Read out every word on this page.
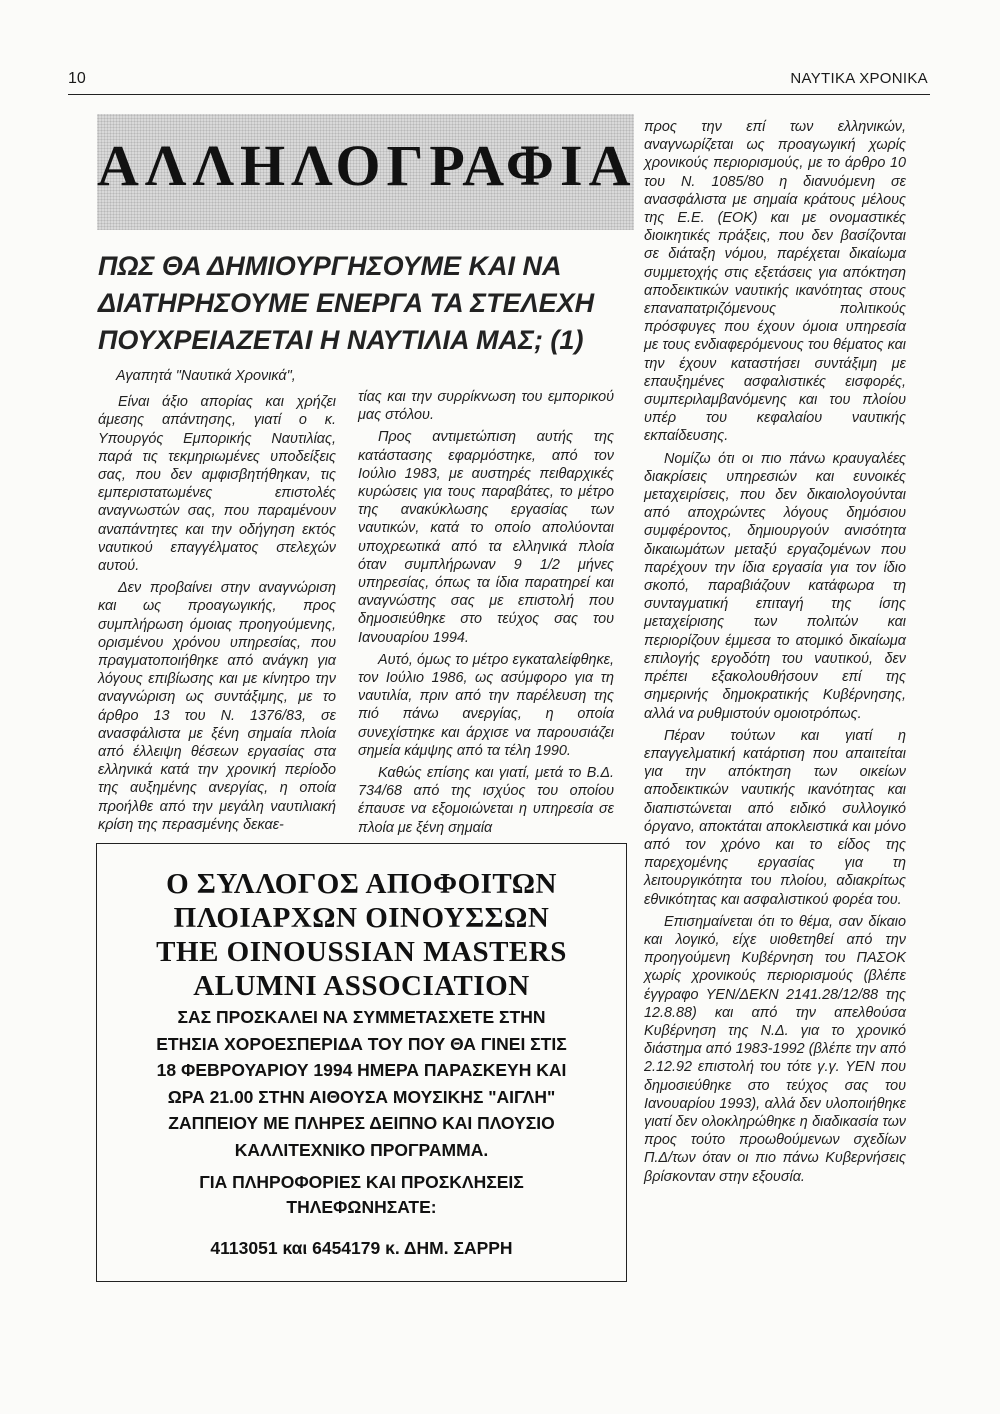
10	ΝΑΥΤΙΚΑ ΧΡΟΝΙΚΑ
ΑΛΛΗΛΟΓΡΑΦΙΑ
ΠΩΣ ΘΑ ΔΗΜΙΟΥΡΓΗΣΟΥΜΕ ΚΑΙ ΝΑ
ΔΙΑΤΗΡΗΣΟΥΜΕ ΕΝΕΡΓΑ ΤΑ ΣΤΕΛΕΧΗ
ΠΟΥΧΡΕΙΑΖΕΤΑΙ Η ΝΑΥΤΙΛΙΑ ΜΑΣ; (1)

Αγαπητά "Ναυτικά Χρονικά",

Είναι άξιο απορίας και χρήζει άμεσης απάντησης, γιατί ο κ. Υπουργός Εμπορικής Ναυτιλίας, παρά τις τεκμηριωμένες υποδείξεις σας, που δεν αμφισβητήθηκαν, τις εμπεριστατωμένες επιστολές αναγνωστών σας, που παραμένουν αναπάντητες και την οδήγηση εκτός ναυτικού επαγγέλματος στελεχών αυτού.

Δεν προβαίνει στην αναγνώριση και ως προαγωγικής, προς συμπλήρωση όμοιας προηγούμενης, ορισμένου χρόνου υπηρεσίας, που πραγματοποιήθηκε από ανάγκη για λόγους επιβίωσης και με κίνητρο την αναγνώριση ως συντάξιμης, με το άρθρο 13 του Ν. 1376/83, σε ανασφάλιστα με ξένη σημαία πλοία από έλλειψη θέσεων εργασίας στα ελληνικά κατά την χρονική περίοδο της αυξημένης ανεργίας, η οποία προήλθε από την μεγάλη ναυτιλιακή κρίση της περασμένης δεκαε-

τίας και την συρρίκνωση του εμπορικού μας στόλου.

Προς αντιμετώπιση αυτής της κατάστασης εφαρμόστηκε, από τον Ιούλιο 1983, με αυστηρές πειθαρχικές κυρώσεις για τους παραβάτες, το μέτρο της ανακύκλωσης εργασίας των ναυτικών, κατά το οποίο απολύονται υποχρεωτικά από τα ελληνικά πλοία όταν συμπλήρωναν 9 1/2 μήνες υπηρεσίας, όπως τα ίδια παρατηρεί και αναγνώστης σας με επιστολή που δημοσιεύθηκε στο τεύχος σας του Ιανουαρίου 1994.

Αυτό, όμως το μέτρο εγκαταλείφθηκε, τον Ιούλιο 1986, ως ασύμφορο για τη ναυτιλία, πριν από την παρέλευση της πιό πάνω ανεργίας, η οποία συνεχίστηκε και άρχισε να παρουσιάζει σημεία κάμψης από τα τέλη 1990.

Καθώς επίσης και γιατί, μετά το Β.Δ. 734/68 από της ισχύος του οποίου έπαυσε να εξομοιώνεται η υπηρεσία σε πλοία με ξένη σημαία

προς την επί των ελληνικών, αναγνωρίζεται ως προαγωγική χωρίς χρονικούς περιορισμούς, με το άρθρο 10 του Ν. 1085/80 η διανυόμενη σε ανασφάλιστα με σημαία κράτους μέλους της Ε.Ε. (ΕΟΚ) και με ονομαστικές διοικητικές πράξεις, που δεν βασίζονται σε διάταξη νόμου, παρέχεται δικαίωμα συμμετοχής στις εξετάσεις για απόκτηση αποδεικτικών ναυτικής ικανότητας στους επαναπατριζόμενους πολιτικούς πρόσφυγες που έχουν όμοια υπηρεσία με τους ενδιαφερόμενους του θέματος και την έχουν καταστήσει συντάξιμη με επαυξημένες ασφαλιστικές εισφορές, συμπεριλαμβανόμενης και του πλοίου υπέρ του κεφαλαίου ναυτικής εκπαίδευσης.

Νομίζω ότι οι πιο πάνω κραυγαλέες διακρίσεις υπηρεσιών και ευνοικές μεταχειρίσεις, που δεν δικαιολογούνται από αποχρώντες λόγους δημόσιου συμφέροντος, δημιουργούν ανισότητα δικαιωμάτων μεταξύ εργαζομένων που παρέχουν την ίδια εργασία για τον ίδιο σκοπό, παραβιάζουν κατάφωρα τη συνταγματική επιταγή της ίσης μεταχείρισης των πολιτών και περιορίζουν έμμεσα το ατομικό δικαίωμα επιλογής εργοδότη του ναυτικού, δεν πρέπει εξακολουθήσουν επί της σημερινής δημοκρατικής Κυβέρνησης, αλλά να ρυθμιστούν ομοιοτρόπως.

Πέραν τούτων και γιατί η επαγγελματική κατάρτιση που απαιτείται για την απόκτηση των οικείων αποδεικτικών ναυτικής ικανότητας και διαπιστώνεται από ειδικό συλλογικό όργανο, αποκτάται αποκλειστικά και μόνο από τον χρόνο και το είδος της παρεχομένης εργασίας για τη λειτουργικότητα του πλοίου, αδιακρίτως εθνικότητας και ασφαλιστικού φορέα του.

Επισημαίνεται ότι το θέμα, σαν δίκαιο και λογικό, είχε υιοθετηθεί από την προηγούμενη Κυβέρνηση του ΠΑΣΟΚ χωρίς χρονικούς περιορισμούς (βλέπε έγγραφο ΥΕΝ/ΔΕΚΝ 2141.28/12/88 της 12.8.88) και από την απελθούσα Κυβέρνηση της Ν.Δ. για το χρονικό διάστημα από 1983-1992 (βλέπε την από 2.12.92 επιστολή του τότε γ.γ. ΥΕΝ που δημοσιεύθηκε στο τεύχος σας του Ιανουαρίου 1993), αλλά δεν υλοποιήθηκε γιατί δεν ολοκληρώθηκε η διαδικασία των προς τούτο προωθούμενων σχεδίων Π.Δ/των όταν οι πιο πάνω Κυβερνήσεις βρίσκονταν στην εξουσία.

Ο ΣΥΛΛΟΓΟΣ ΑΠΟΦΟΙΤΩΝ
ΠΛΟΙΑΡΧΩΝ ΟΙΝΟΥΣΣΩΝ
THE OINOUSSIAN MASTERS
ALUMNI ASSOCIATION
ΣΑΣ ΠΡΟΣΚΑΛΕΙ ΝΑ ΣΥΜΜΕΤΑΣΧΕΤΕ ΣΤΗΝ
ΕΤΗΣΙΑ ΧΟΡΟΕΣΠΕΡΙΔΑ ΤΟΥ ΠΟΥ ΘΑ ΓΙΝΕΙ ΣΤΙΣ
18 ΦΕΒΡΟΥΑΡΙΟΥ 1994 ΗΜΕΡΑ ΠΑΡΑΣΚΕΥΗ ΚΑΙ
ΩΡΑ 21.00 ΣΤΗΝ ΑΙΘΟΥΣΑ ΜΟΥΣΙΚΗΣ "ΑΙΓΛΗ"
ΖΑΠΠΕΙΟΥ ΜΕ ΠΛΗΡΕΣ ΔΕΙΠΝΟ ΚΑΙ ΠΛΟΥΣΙΟ
ΚΑΛΛΙΤΕΧΝΙΚΟ ΠΡΟΓΡΑΜΜΑ.
ΓΙΑ ΠΛΗΡΟΦΟΡΙΕΣ ΚΑΙ ΠΡΟΣΚΛΗΣΕΙΣ
ΤΗΛΕΦΩΝΗΣΑΤΕ:
4113051 και 6454179 κ. ΔΗΜ. ΣΑΡΡΗ
